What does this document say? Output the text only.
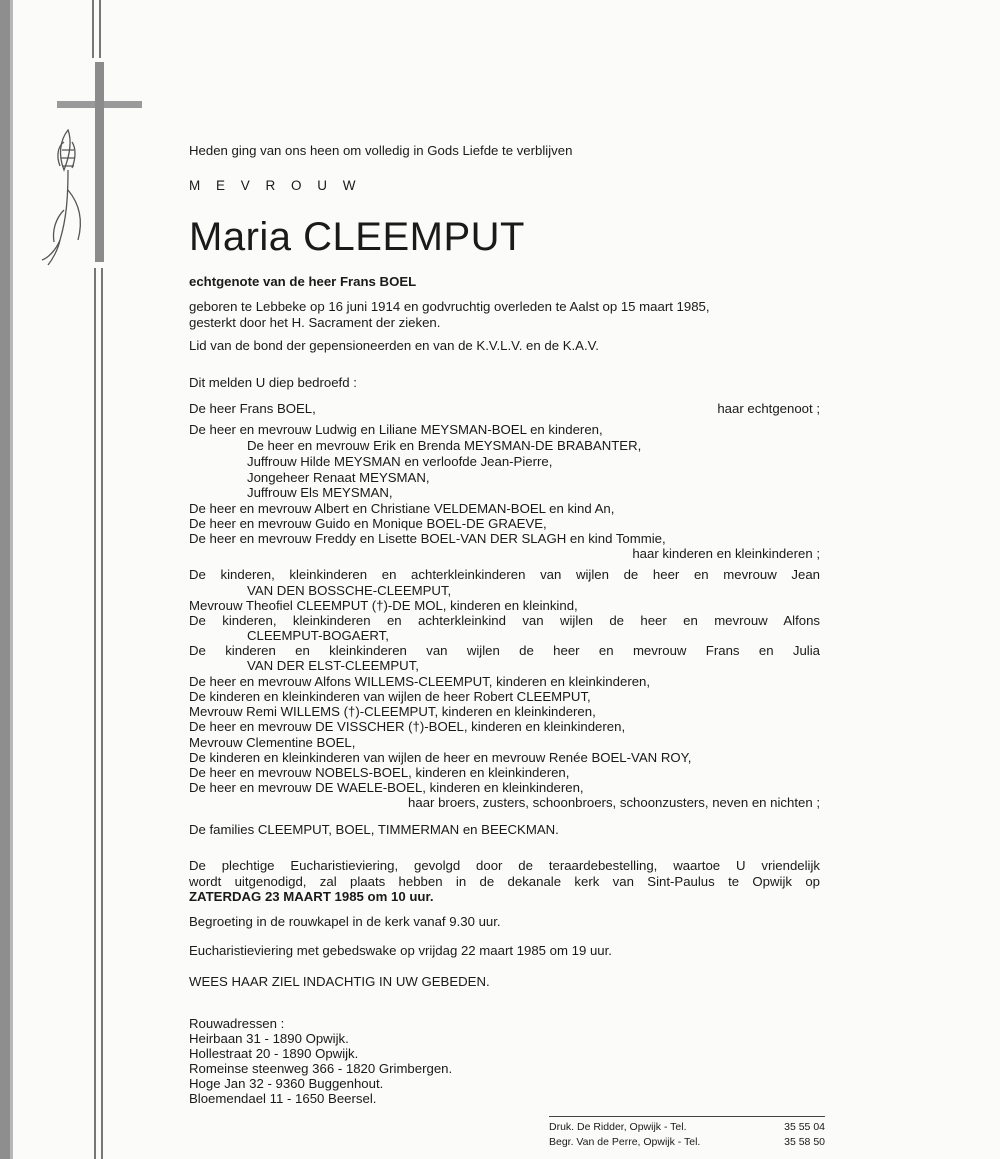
Heden ging van ons heen om volledig in Gods Liefde te verblijven
M E V R O U W
Maria CLEEMPUT
echtgenote van de heer Frans BOEL
geboren te Lebbeke op 16 juni 1914 en godvruchtig overleden te Aalst op 15 maart 1985,
gesterkt door het H. Sacrament der zieken.
Lid van de bond der gepensioneerden en van de K.V.L.V. en de K.A.V.
Dit melden U diep bedroefd :
De heer Frans BOEL,	haar echtgenoot ;
De heer en mevrouw Ludwig en Liliane MEYSMAN-BOEL en kinderen,
De heer en mevrouw Erik en Brenda MEYSMAN-DE BRABANTER,
Juffrouw Hilde MEYSMAN en verloofde Jean-Pierre,
Jongeheer Renaat MEYSMAN,
Juffrouw Els MEYSMAN,
De heer en mevrouw Albert en Christiane VELDEMAN-BOEL en kind An,
De heer en mevrouw Guido en Monique BOEL-DE GRAEVE,
De heer en mevrouw Freddy en Lisette BOEL-VAN DER SLAGH en kind Tommie,
haar kinderen en kleinkinderen ;
De kinderen, kleinkinderen en achterkleinkinderen van wijlen de heer en mevrouw Jean
VAN DEN BOSSCHE-CLEEMPUT,
Mevrouw Theofiel CLEEMPUT (†)-DE MOL, kinderen en kleinkind,
De kinderen, kleinkinderen en achterkleinkind van wijlen de heer en mevrouw Alfons
CLEEMPUT-BOGAERT,
De kinderen en kleinkinderen van wijlen de heer en mevrouw Frans en Julia
VAN DER ELST-CLEEMPUT,
De heer en mevrouw Alfons WILLEMS-CLEEMPUT, kinderen en kleinkinderen,
De kinderen en kleinkinderen van wijlen de heer Robert CLEEMPUT,
Mevrouw Remi WILLEMS (†)-CLEEMPUT, kinderen en kleinkinderen,
De heer en mevrouw DE VISSCHER (†)-BOEL, kinderen en kleinkinderen,
Mevrouw Clementine BOEL,
De kinderen en kleinkinderen van wijlen de heer en mevrouw Renée BOEL-VAN ROY,
De heer en mevrouw NOBELS-BOEL, kinderen en kleinkinderen,
De heer en mevrouw DE WAELE-BOEL, kinderen en kleinkinderen,
haar broers, zusters, schoonbroers, schoonzusters, neven en nichten ;
De families CLEEMPUT, BOEL, TIMMERMAN en BEECKMAN.
De plechtige Eucharistieviering, gevolgd door de teraardebestelling, waartoe U vriendelijk
wordt uitgenodigd, zal plaats hebben in de dekanale kerk van Sint-Paulus te Opwijk op
ZATERDAG 23 MAART 1985 om 10 uur.
Begroeting in de rouwkapel in de kerk vanaf 9.30 uur.
Eucharistieviering met gebedswake op vrijdag 22 maart 1985 om 19 uur.
WEES HAAR ZIEL INDACHTIG IN UW GEBEDEN.
Rouwadressen :
Heirbaan 31 - 1890 Opwijk.
Hollestraat 20 - 1890 Opwijk.
Romeinse steenweg 366 - 1820 Grimbergen.
Hoge Jan 32 - 9360 Buggenhout.
Bloemendael 11 - 1650 Beersel.
Druk. De Ridder, Opwijk - Tel.	35 55 04
Begr. Van de Perre, Opwijk - Tel.	35 58 50
